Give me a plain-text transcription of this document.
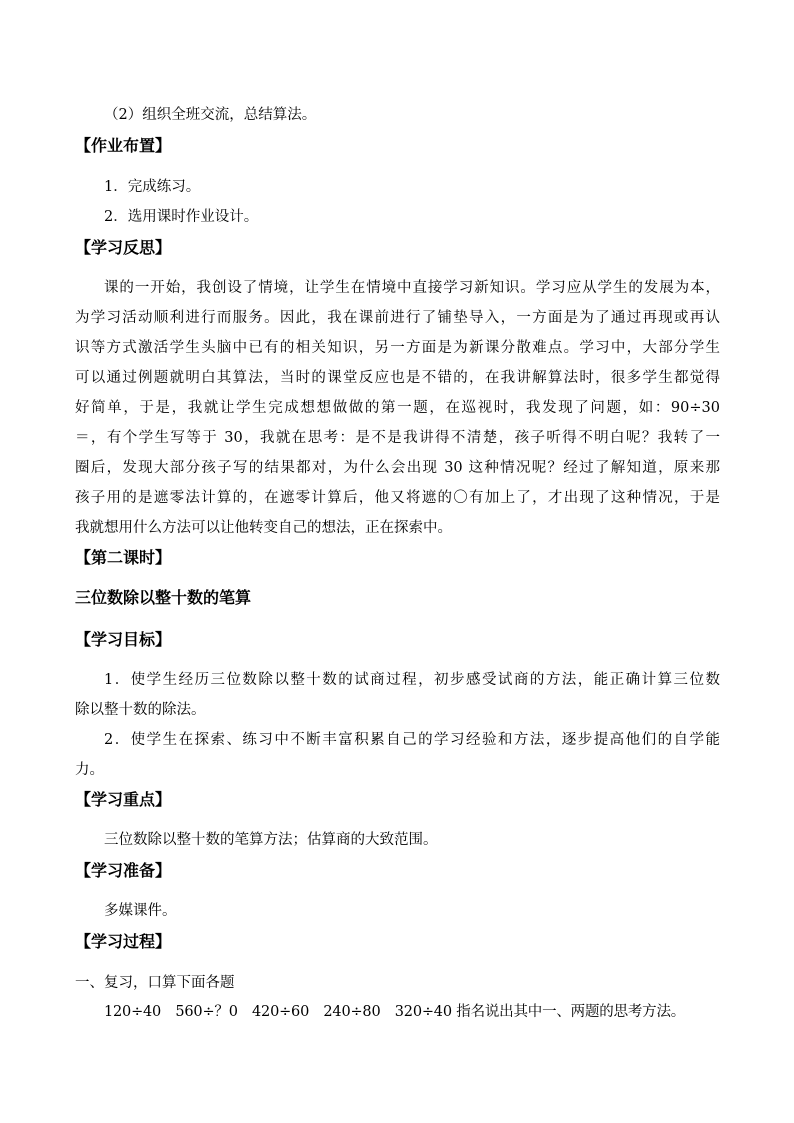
（2）组织全班交流，总结算法。
【作业布置】
1．完成练习。
2．选用课时作业设计。
【学习反思】
课的一开始，我创设了情境，让学生在情境中直接学习新知识。学习应从学生的发展为本，
为学习活动顺利进行而服务。因此，我在课前进行了铺垫导入，一方面是为了通过再现或再认
识等方式激活学生头脑中已有的相关知识，另一方面是为新课分散难点。学习中，大部分学生
可以通过例题就明白其算法，当时的课堂反应也是不错的，在我讲解算法时，很多学生都觉得
好简单，于是，我就让学生完成想想做做的第一题，在巡视时，我发现了问题，如：90÷30
＝，有个学生写等于 30，我就在思考：是不是我讲得不清楚，孩子听得不明白呢？我转了一
圈后，发现大部分孩子写的结果都对，为什么会出现 30 这种情况呢？经过了解知道，原来那
孩子用的是遮零法计算的，在遮零计算后，他又将遮的〇有加上了，才出现了这种情况，于是
我就想用什么方法可以让他转变自己的想法，正在探索中。
【第二课时】
三位数除以整十数的笔算
【学习目标】
1．使学生经历三位数除以整十数的试商过程，初步感受试商的方法，能正确计算三位数
除以整十数的除法。
2．使学生在探索、练习中不断丰富积累自己的学习经验和方法，逐步提高他们的自学能
力。
【学习重点】
三位数除以整十数的笔算方法；估算商的大致范围。
【学习准备】
多媒课件。
【学习过程】
一、复习，口算下面各题
120÷40　560÷？0　420÷60　240÷80　320÷40 指名说出其中一、两题的思考方法。
